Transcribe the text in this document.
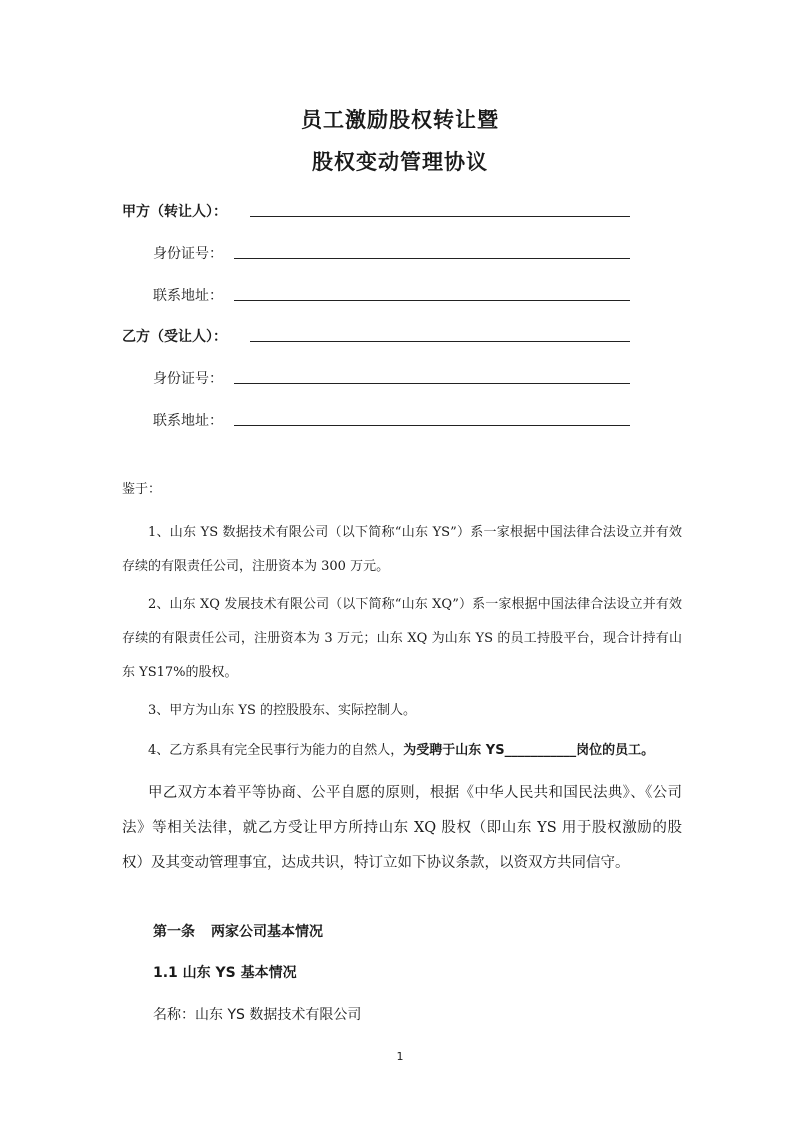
员工激励股权转让暨
股权变动管理协议
甲方（转让人）：
身份证号：
联系地址：
乙方（受让人）：
身份证号：
联系地址：

鉴于：

1、山东 YS 数据技术有限公司（以下简称“山东 YS”）系一家根据中国法律合法设立并有效存续的有限责任公司，注册资本为 300 万元。

2、山东 XQ 发展技术有限公司（以下简称“山东 XQ”）系一家根据中国法律合法设立并有效存续的有限责任公司，注册资本为 3 万元；山东 XQ 为山东 YS 的员工持股平台，现合计持有山东 YS17%的股权。

3、甲方为山东 YS 的控股股东、实际控制人。

4、乙方系具有完全民事行为能力的自然人，为受聘于山东 YS___________岗位的员工。

甲乙双方本着平等协商、公平自愿的原则，根据《中华人民共和国民法典》、《公司法》等相关法律，就乙方受让甲方所持山东 XQ 股权（即山东 YS 用于股权激励的股权）及其变动管理事宜，达成共识，特订立如下协议条款，以资双方共同信守。

第一条 两家公司基本情况
1.1 山东 YS 基本情况
名称：山东 YS 数据技术有限公司
1
